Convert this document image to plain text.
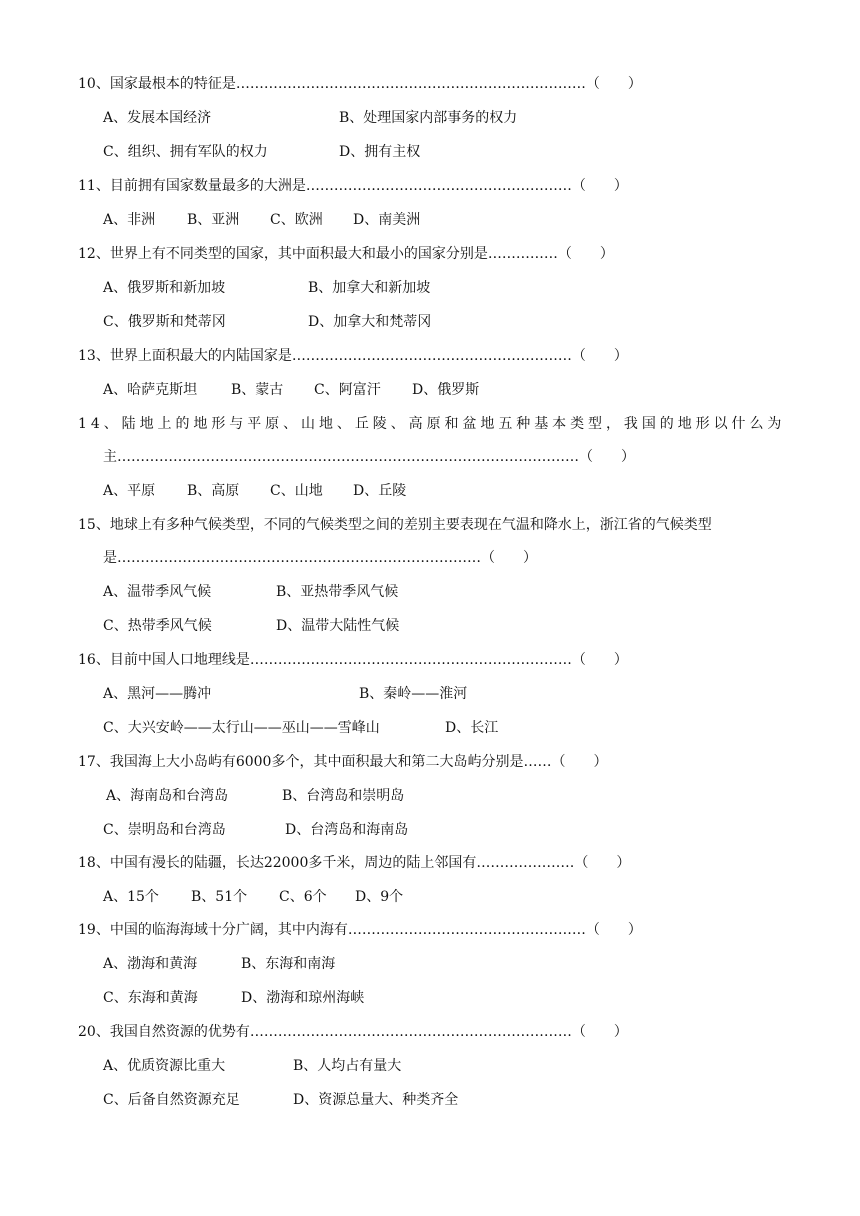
10、国家最根本的特征是…………………………………………………………………（　　）

A、发展本国经济

	B、处理国家内部事务的权力

C、组织、拥有军队的权力

	D、拥有主权

11、目前拥有国家数量最多的大洲是…………………………………………………（　　）

A、非洲

B、亚洲

C、欧洲

D、南美洲

12、世界上有不同类型的国家，其中面积最大和最小的国家分别是……………（　　）

A、俄罗斯和新加坡

	B、加拿大和新加坡

C、俄罗斯和梵蒂冈

	D、加拿大和梵蒂冈

13、世界上面积最大的内陆国家是……………………………………………………（　　）

A、哈萨克斯坦

B、蒙古

C、阿富汗

D、俄罗斯

1 4 、 陆 地 上 的 地 形 与 平 原 、 山 地 、 丘 陵 、 高 原 和 盆 地 五 种 基 本 类 型 ， 我 国 的 地 形 以 什 么 为
主………………………………………………………………………………………（　　）

A、平原

B、高原

C、山地

D、丘陵

15、地球上有多种气候类型，不同的气候类型之间的差别主要表现在气温和降水上，浙江省的气候类型
是……………………………………………………………………（　　）

A、温带季风气候

	B、亚热带季风气候

C、热带季风气候

	D、温带大陆性气候

16、目前中国人口地理线是……………………………………………………………（　　）

A、黑河——腾冲

	B、秦岭——淮河

C、大兴安岭——太行山——巫山——雪峰山

	D、长江

17、我国海上大小岛屿有6000多个，其中面积最大和第二大岛屿分别是……（　　）

A、海南岛和台湾岛

	B、台湾岛和崇明岛

C、崇明岛和台湾岛

	D、台湾岛和海南岛

18、中国有漫长的陆疆，长达22000多千米，周边的陆上邻国有…………………（　　）

A、15个

B、51个

C、6个

D、9个

19、中国的临海海域十分广阔，其中内海有……………………………………………（　　）

A、渤海和黄海

	B、东海和南海

C、东海和黄海

	D、渤海和琼州海峡

20、我国自然资源的优势有……………………………………………………………（　　）

A、优质资源比重大

	B、人均占有量大

C、后备自然资源充足

	D、资源总量大、种类齐全
